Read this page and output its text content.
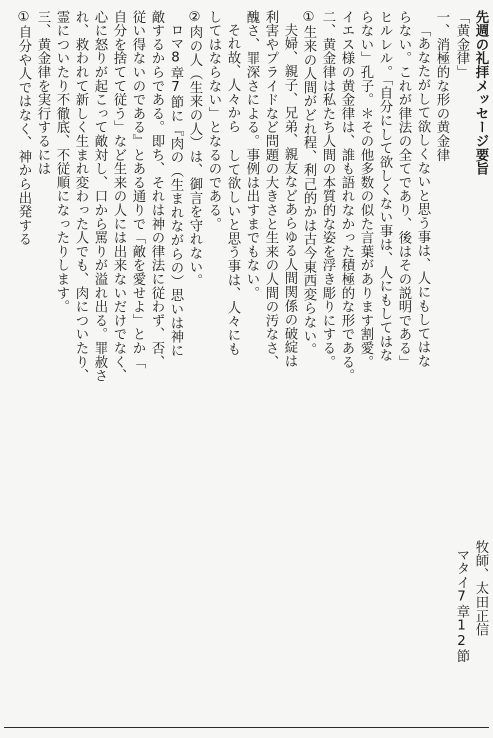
先週の礼拝メッセージ要旨
「黄金律」
牧師、太田正信
マタイ7章12節
一、消極的な形の黄金律
「あなたがして欲しくないと思う事は、人にもしてはな
らない。これが律法の全てであり、後はその説明である」
ヒルレル。「自分にして欲しくない事は、人にもしてはな
らない」孔子。＊その他多数の似た言葉があります割愛。
イエス様の黄金律は、誰も語れなかった積極的な形である。
二、黄金律は私たち人間の本質的な姿を浮き彫りにする。
①生来の人間がどれ程、利己的かは古今東西変らない。
夫婦、親子、兄弟、親友などあらゆる人間関係の破綻は
利害やプライドなど問題の大きさと生来の人間の汚なさ、
醜さ、罪深さによる。事例は出すまでもない。
それ故、人々から して欲しいと思う事は、人々にも
してはならない」となるのである。
②肉の人（生来の人）は、御言を守れない。
ロマ8章7節に『肉の（生まれながらの）思いは神に
敵するからである。即ち、それは神の律法に従わず、否、
従い得ないのである』とある通りで「敵を愛せよ」とか「
自分を捨てて従う」など生来の人には出来ないだけでなく、
心に怒りが起こって敵対し、口から罵りが溢れ出る。罪赦さ
れ、救われて新しく生まれ変わった人でも、肉についたり、
霊についたり不徹底、不従順になったりします。
三、黄金律を実行するには
①自分や人ではなく、神から出発する
